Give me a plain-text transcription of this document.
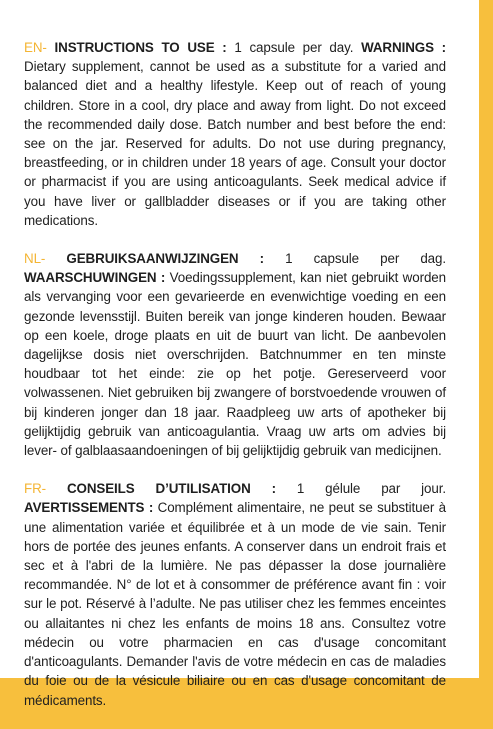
EN- INSTRUCTIONS TO USE : 1 capsule per day. WARNINGS : Dietary supplement, cannot be used as a substitute for a varied and balanced diet and a healthy lifestyle. Keep out of reach of young children. Store in a cool, dry place and away from light. Do not exceed the recommended daily dose. Batch number and best before the end: see on the jar. Reserved for adults. Do not use during pregnancy, breastfeeding, or in children under 18 years of age. Consult your doctor or pharmacist if you are using anticoagulants. Seek medical advice if you have liver or gallbladder diseases or if you are taking other medications.

NL- GEBRUIKSAANWIJZINGEN : 1 capsule per dag. WAARSCHUWINGEN : Voedingssupplement, kan niet gebruikt worden als vervanging voor een gevarieerde en evenwichtige voeding en een gezonde levensstijl. Buiten bereik van jonge kinderen houden. Bewaar op een koele, droge plaats en uit de buurt van licht. De aanbevolen dagelijkse dosis niet overschrijden. Batchnummer en ten minste houdbaar tot het einde: zie op het potje. Gereserveerd voor volwassenen. Niet gebruiken bij zwangere of borstvoedende vrouwen of bij kinderen jonger dan 18 jaar. Raadpleeg uw arts of apotheker bij gelijktijdig gebruik van anticoagulantia. Vraag uw arts om advies bij lever- of galblaasaandoeningen of bij gelijktijdig gebruik van medicijnen.

FR- CONSEILS D’UTILISATION : 1 gélule par jour. AVERTISSEMENTS : Complément alimentaire, ne peut se substituer à une alimentation variée et équilibrée et à un mode de vie sain. Tenir hors de portée des jeunes enfants. A conserver dans un endroit frais et sec et à l'abri de la lumière. Ne pas dépasser la dose journalière recommandée. N° de lot et à consommer de préférence avant fin : voir sur le pot. Réservé à l’adulte. Ne pas utiliser chez les femmes enceintes ou allaitantes ni chez les enfants de moins 18 ans. Consultez votre médecin ou votre pharmacien en cas d'usage concomitant d'anticoagulants. Demander l'avis de votre médecin en cas de maladies du foie ou de la vésicule biliaire ou en cas d'usage concomitant de médicaments.
